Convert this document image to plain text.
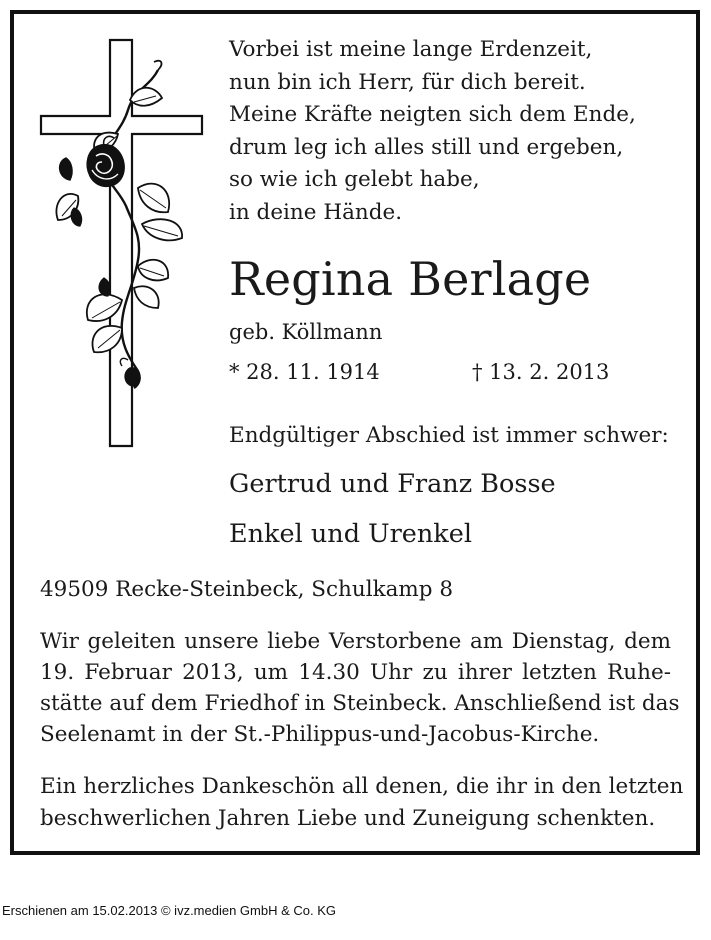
Vorbei ist meine lange Erdenzeit,
nun bin ich Herr, für dich bereit.
Meine Kräfte neigten sich dem Ende,
drum leg ich alles still und ergeben,
so wie ich gelebt habe,
in deine Hände.
Regina Berlage
geb. Köllmann
* 28. 11. 1914	† 13. 2. 2013
Endgültiger Abschied ist immer schwer:
Gertrud und Franz Bosse
Enkel und Urenkel
49509 Recke-Steinbeck, Schulkamp 8
Wir geleiten unsere liebe Verstorbene am Dienstag, dem
19. Februar 2013, um 14.30 Uhr zu ihrer letzten Ruhe-
stätte auf dem Friedhof in Steinbeck. Anschließend ist das
Seelenamt in der St.-Philippus-und-Jacobus-Kirche.
Ein herzliches Dankeschön all denen, die ihr in den letzten
beschwerlichen Jahren Liebe und Zuneigung schenkten.
Erschienen am 15.02.2013 © ivz.medien GmbH & Co. KG
